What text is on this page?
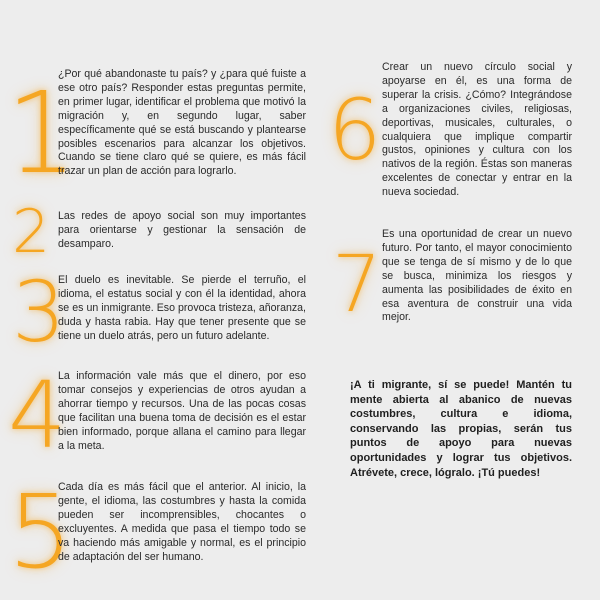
1
¿Por qué abandonaste tu país? y ¿para qué fuiste a ese otro país? Responder estas preguntas permite, en primer lugar, identificar el problema que motivó la migración y, en segundo lugar, saber específicamente qué se está buscando y plantearse posibles escenarios para alcanzar los objetivos. Cuando se tiene claro qué se quiere, es más fácil trazar un plan de acción para lograrlo.
2 Las redes de apoyo social son muy importantes para orientarse y gestionar la sensación de desamparo.
3
El duelo es inevitable. Se pierde el terruño, el idioma, el estatus social y con él la identidad, ahora se es un inmigrante. Eso provoca tristeza, añoranza, duda y hasta rabia. Hay que tener presente que se tiene un duelo atrás, pero un futuro adelante.
4
La información vale más que el dinero, por eso tomar consejos y experiencias de otros ayudan a ahorrar tiempo y recursos. Una de las pocas cosas que facilitan una buena toma de decisión es el estar bien informado, porque allana el camino para llegar a la meta.
5
Cada día es más fácil que el anterior. Al inicio, la gente, el idioma, las costumbres y hasta la comida pueden ser incomprensibles, chocantes o excluyentes. A medida que pasa el tiempo todo se va haciendo más amigable y normal, es el principio de adaptación del ser humano.
6
Crear un nuevo círculo social y apoyarse en él, es una forma de superar la crisis. ¿Cómo? Integrándose a organizaciones civiles, religiosas, deportivas, musicales, culturales, o cualquiera que implique compartir gustos, opiniones y cultura con los nativos de la región. Éstas son maneras excelentes de conectar y entrar en la nueva sociedad.
7
Es una oportunidad de crear un nuevo futuro. Por tanto, el mayor conocimiento que se tenga de sí mismo y de lo que se busca, minimiza los riesgos y aumenta las posibilidades de éxito en esa aventura de construir una vida mejor.
¡A ti migrante, sí se puede! Mantén tu mente abierta al abanico de nuevas costumbres, cultura e idioma, conservando las propias, serán tus puntos de apoyo para nuevas oportunidades y lograr tus objetivos. Atrévete, crece, lógralo. ¡Tú puedes!
